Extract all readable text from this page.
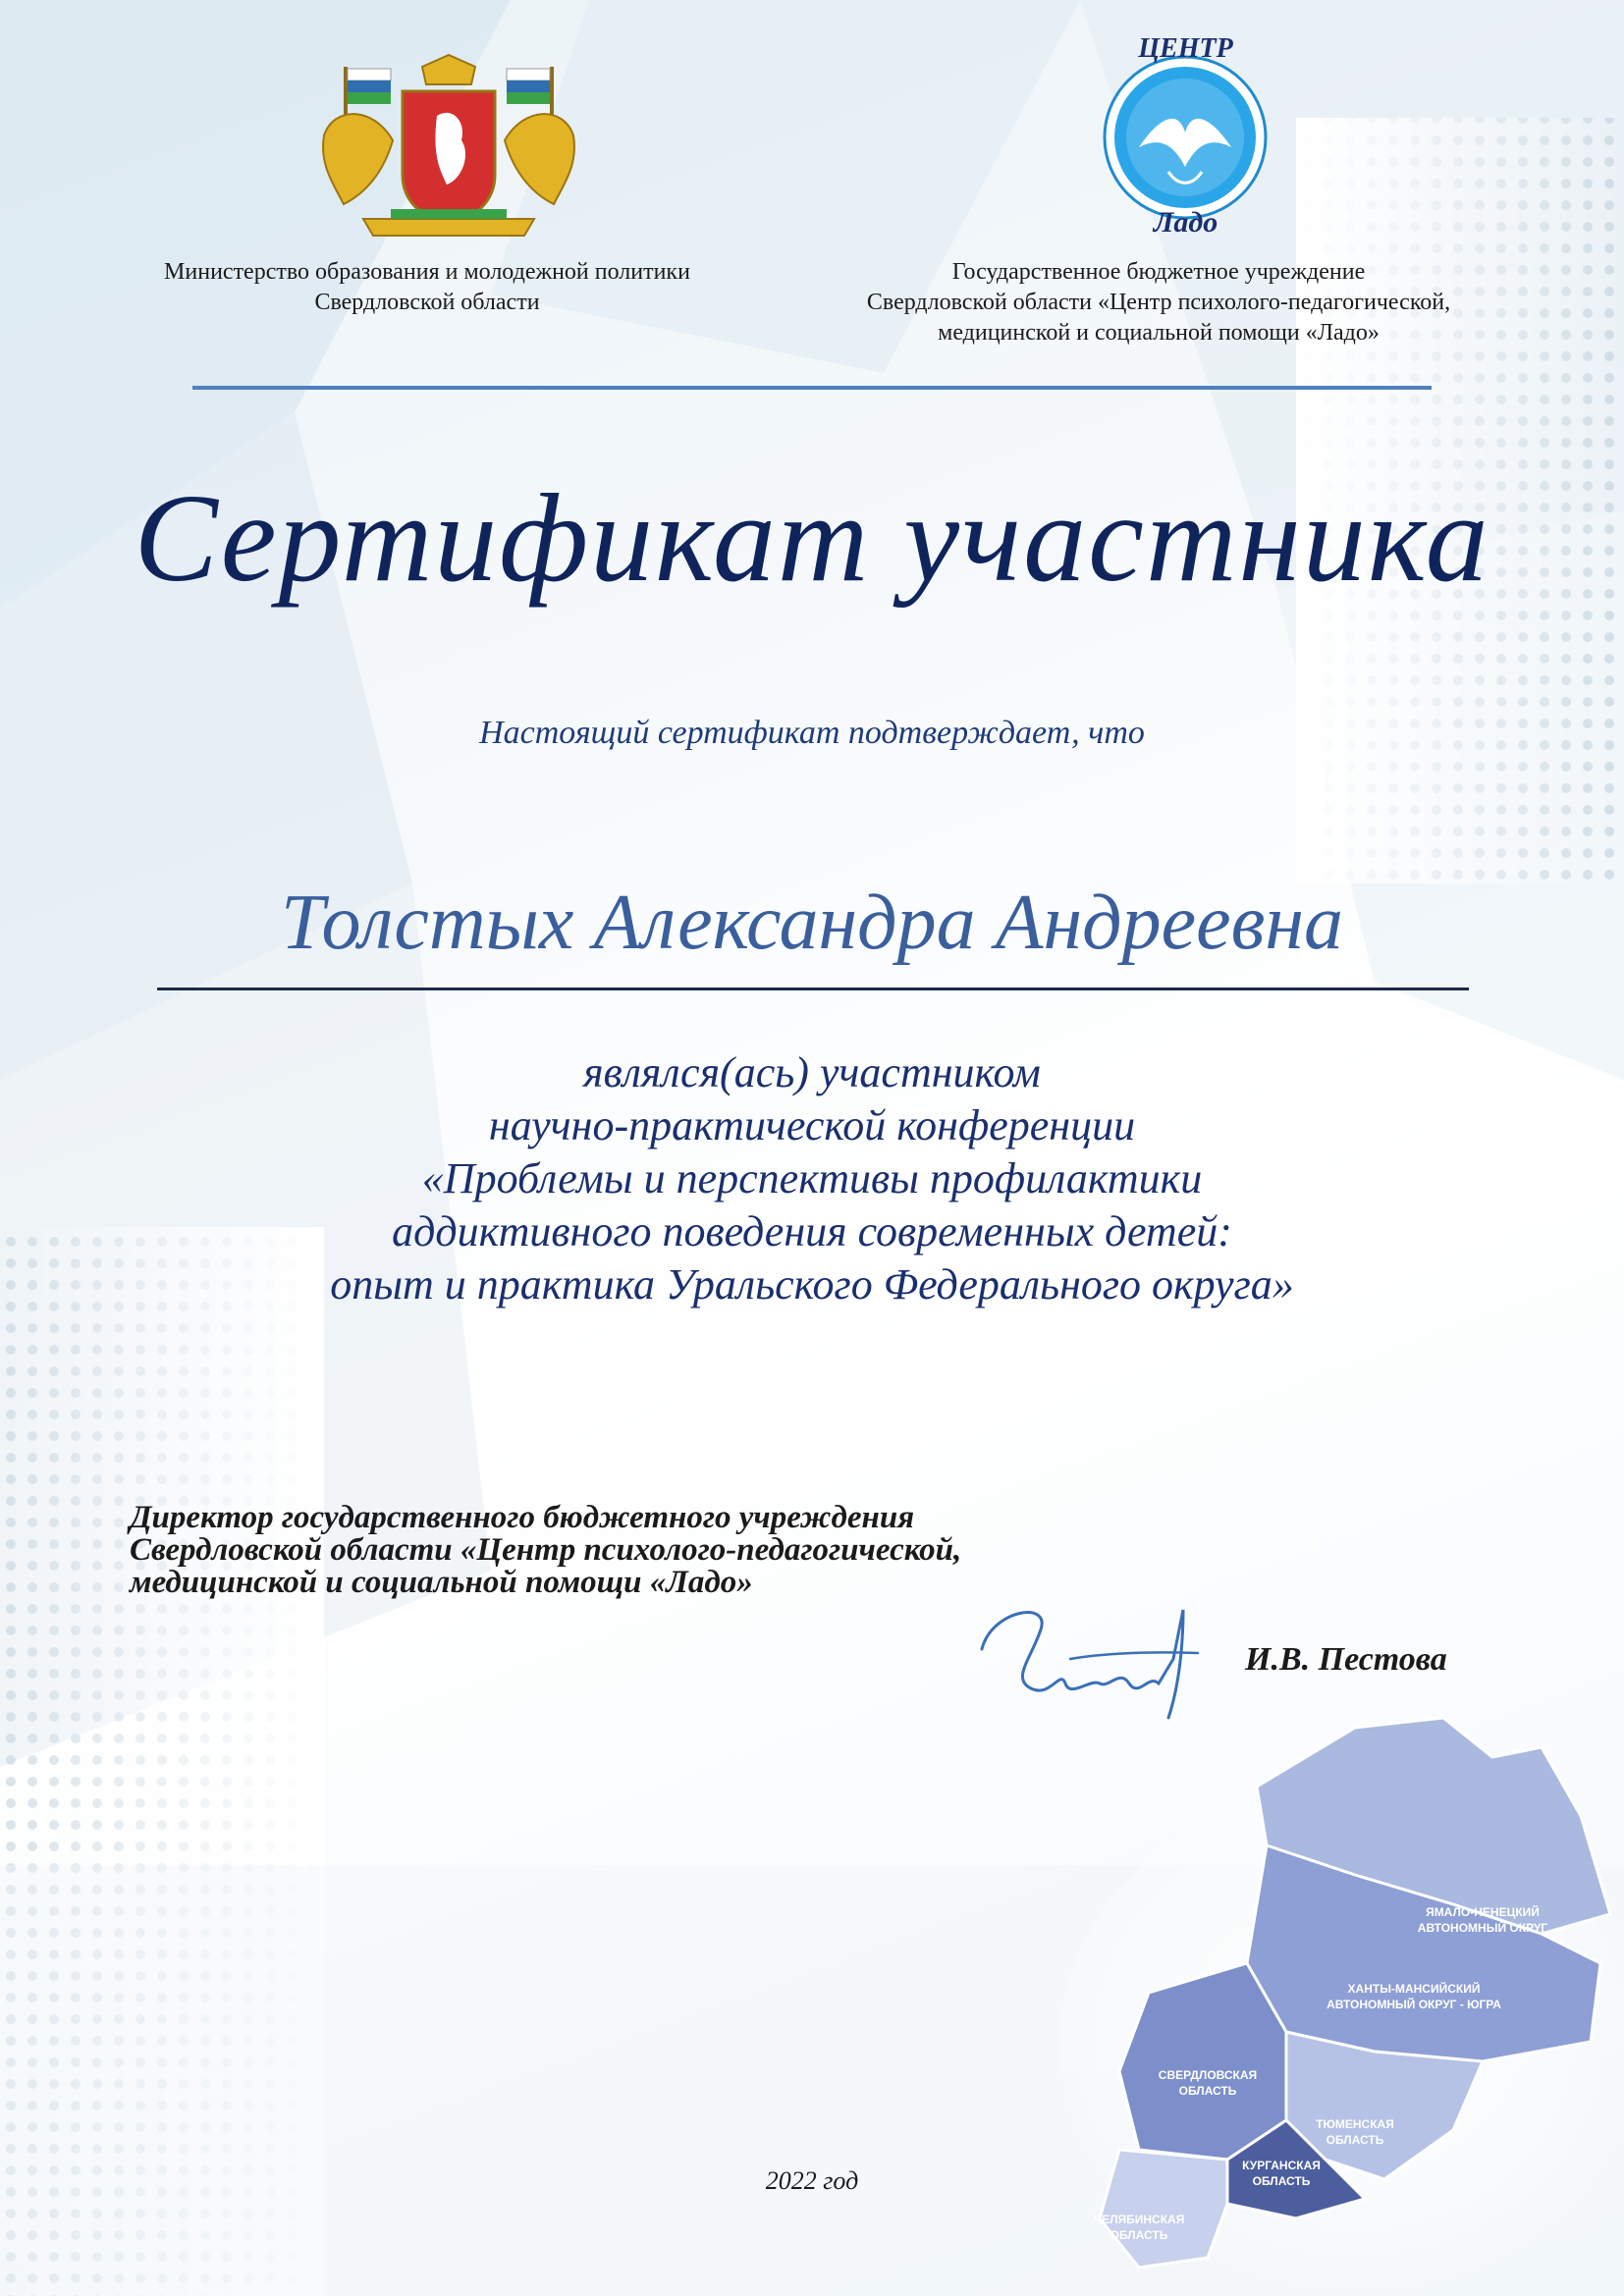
ЦЕНТР
Ладо
Министерство образования и молодежной политики
Свердловской области
Государственное бюджетное учреждение
Свердловской области «Центр психолого-педагогической,
медицинской и социальной помощи «Ладо»
Сертификат участника
Настоящий сертификат подтверждает, что
Толстых Александра Андреевна
являлся(ась) участником
научно-практической конференции
«Проблемы и перспективы профилактики
аддиктивного поведения современных детей:
опыт и практика Уральского Федерального округа»
Директор государственного бюджетного учреждения
Свердловской области «Центр психолого-педагогической,
медицинской и социальной помощи «Ладо»
И.В. Пестова
ЯМАЛО-НЕНЕЦКИЙ
АВТОНОМНЫЙ ОКРУГ
ХАНТЫ-МАНСИЙСКИЙ
АВТОНОМНЫЙ ОКРУГ - ЮГРА
СВЕРДЛОВСКАЯ
ОБЛАСТЬ
ТЮМЕНСКАЯ
ОБЛАСТЬ
КУРГАНСКАЯ
ОБЛАСТЬ
ЧЕЛЯБИНСКАЯ
ОБЛАСТЬ
2022 год
